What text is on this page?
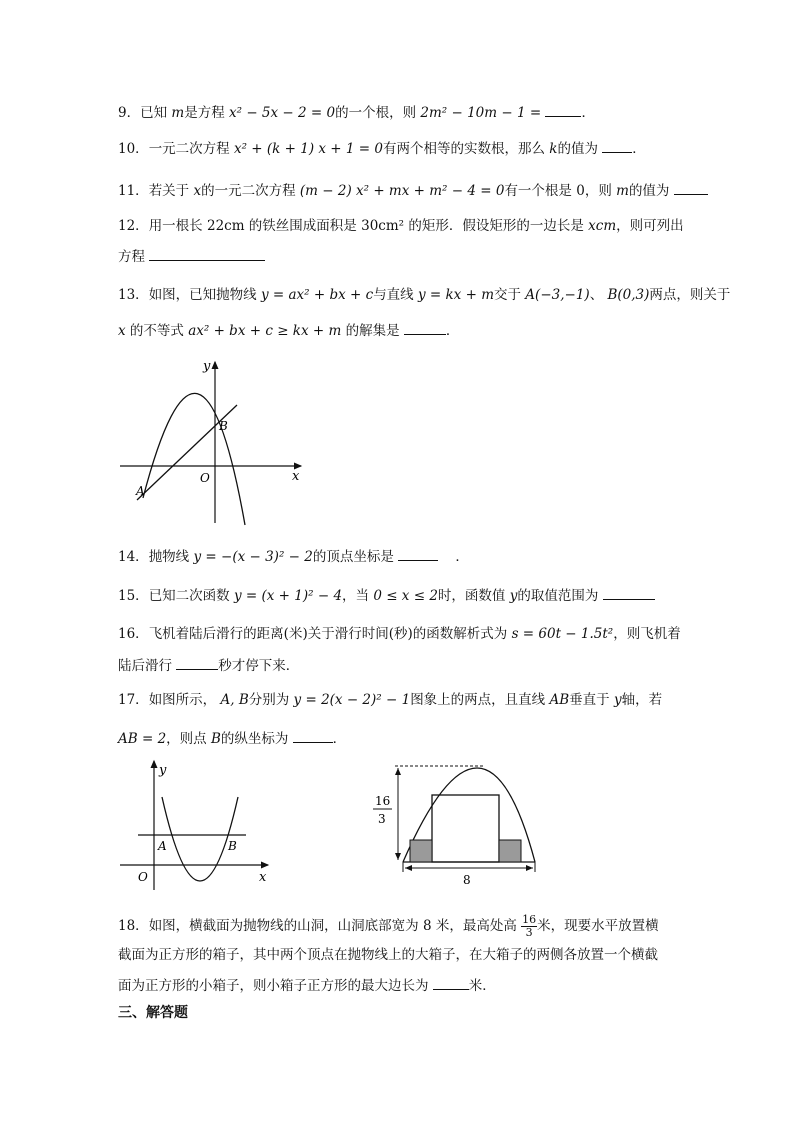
9．已知 m是方程 x² − 5x − 2 = 0的一个根，则 2m² − 10m − 1 =	．
10．一元二次方程 x² + (k + 1) x + 1 = 0有两个相等的实数根，那么 k的值为	．
11．若关于 x的一元二次方程 (m − 2) x² + mx + m² − 4 = 0有一个根是 0，则 m的值为
12．用一根长 22cm 的铁丝围成面积是 30cm² 的矩形．假设矩形的一边长是 xcm，则可列出
方程
13．如图，已知抛物线 y = ax² + bx + c与直线 y = kx + m交于 A(−3,−1)、 B(0,3)两点，则关于
x 的不等式 ax² + bx + c ≥ kx + m 的解集是	．
y
x
O
A
B
14．抛物线 y = −(x − 3)² − 2的顶点坐标是	．
15．已知二次函数 y = (x + 1)² − 4，当 0 ≤ x ≤ 2时，函数值 y的取值范围为
16．飞机着陆后滑行的距离(米)关于滑行时间(秒)的函数解析式为 s = 60t − 1.5t²，则飞机着
陆后滑行	秒才停下来．
17．如图所示， A, B分别为 y = 2(x − 2)² − 1图象上的两点，且直线 AB垂直于 y轴，若
AB = 2，则点 B的纵坐标为	．
y
x
O
A	B
16
3
8
18．如图，横截面为抛物线的山洞，山洞底部宽为 8 米，最高处高 $\frac{16}{3}$ 米，现要水平放置横
截面为正方形的箱子，其中两个顶点在抛物线上的大箱子，在大箱子的两侧各放置一个横截
面为正方形的小箱子，则小箱子正方形的最大边长为	米．
三、解答题
